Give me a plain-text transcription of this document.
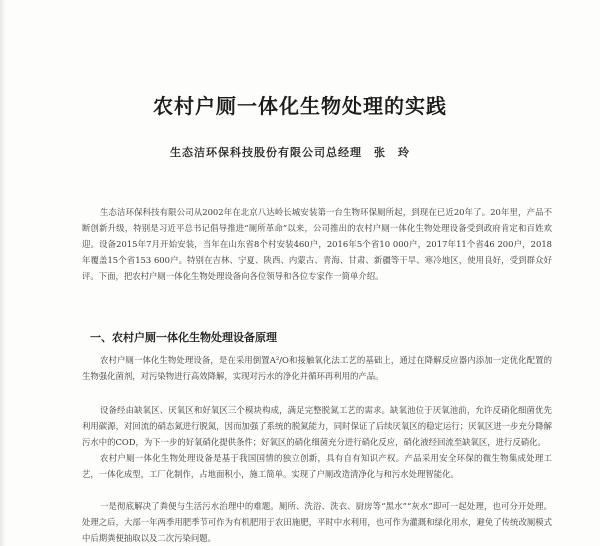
农村户厕一体化生物处理的实践

生态洁环保科技股份有限公司总经理　张　玲

生态洁环保科技有限公司从2002年在北京八达岭长城安装第一台生物环保厕所起，到现在已近20年了。20年里，产品不断创新升级，特别是习近平总书记倡导推进“厕所革命”以来，公司推出的农村户厕一体化生物处理设备受到政府肯定和百姓欢迎。设备2015年7月开始安装，当年在山东省8个村安装460户，2016年5个省10 000户，2017年11个省46 200户，2018年覆盖15个省153 600户。特别在吉林、宁夏、陕西、内蒙古、青海、甘肃、新疆等干旱、寒冷地区，使用良好，受到群众好评。下面，把农村户厕一体化生物处理设备向各位领导和各位专家作一简单介绍。

一、农村户厕一体化生物处理设备原理

农村户厕一体化生物处理设备，是在采用倒置A²/O和接触氧化法工艺的基础上，通过在降解反应器内添加一定优化配置的生物强化菌剂，对污染物进行高效降解，实现对污水的净化并循环再利用的产品。

设备经由缺氧区、厌氧区和好氧区三个模块构成，满足完整脱氮工艺的需求。缺氧池位于厌氧池前，允许反硝化细菌优先利用碳源，对回流的硝态氮进行脱氮，因而加强了系统的脱氮能力，同时保证了后续厌氧区的稳定运行；厌氧区进一步充分降解污水中的COD，为下一步的好氧硝化提供条件；好氧区的硝化细菌充分进行硝化反应，硝化液经回流至缺氧区，进行反硝化。

农村户厕一体化生物处理设备是基于我国国情的独立创新，具有自有知识产权。产品采用安全环保的微生物集成处理工艺，一体化成型，工厂化制作，占地面积小，施工简单。实现了户厕改造清净化与和污水处理智能化。

一是彻底解决了粪便与生活污水治理中的难题。厕所、洗浴、洗衣、厨房等“黑水”“灰水”即可一起处理，也可分开处理。处理之后，大部一年两季用肥季节可作为有机肥用于农田施肥，平时中水利用，也可作为灌溉和绿化用水，避免了传统改厕模式中后期粪便抽取以及二次污染问题。
